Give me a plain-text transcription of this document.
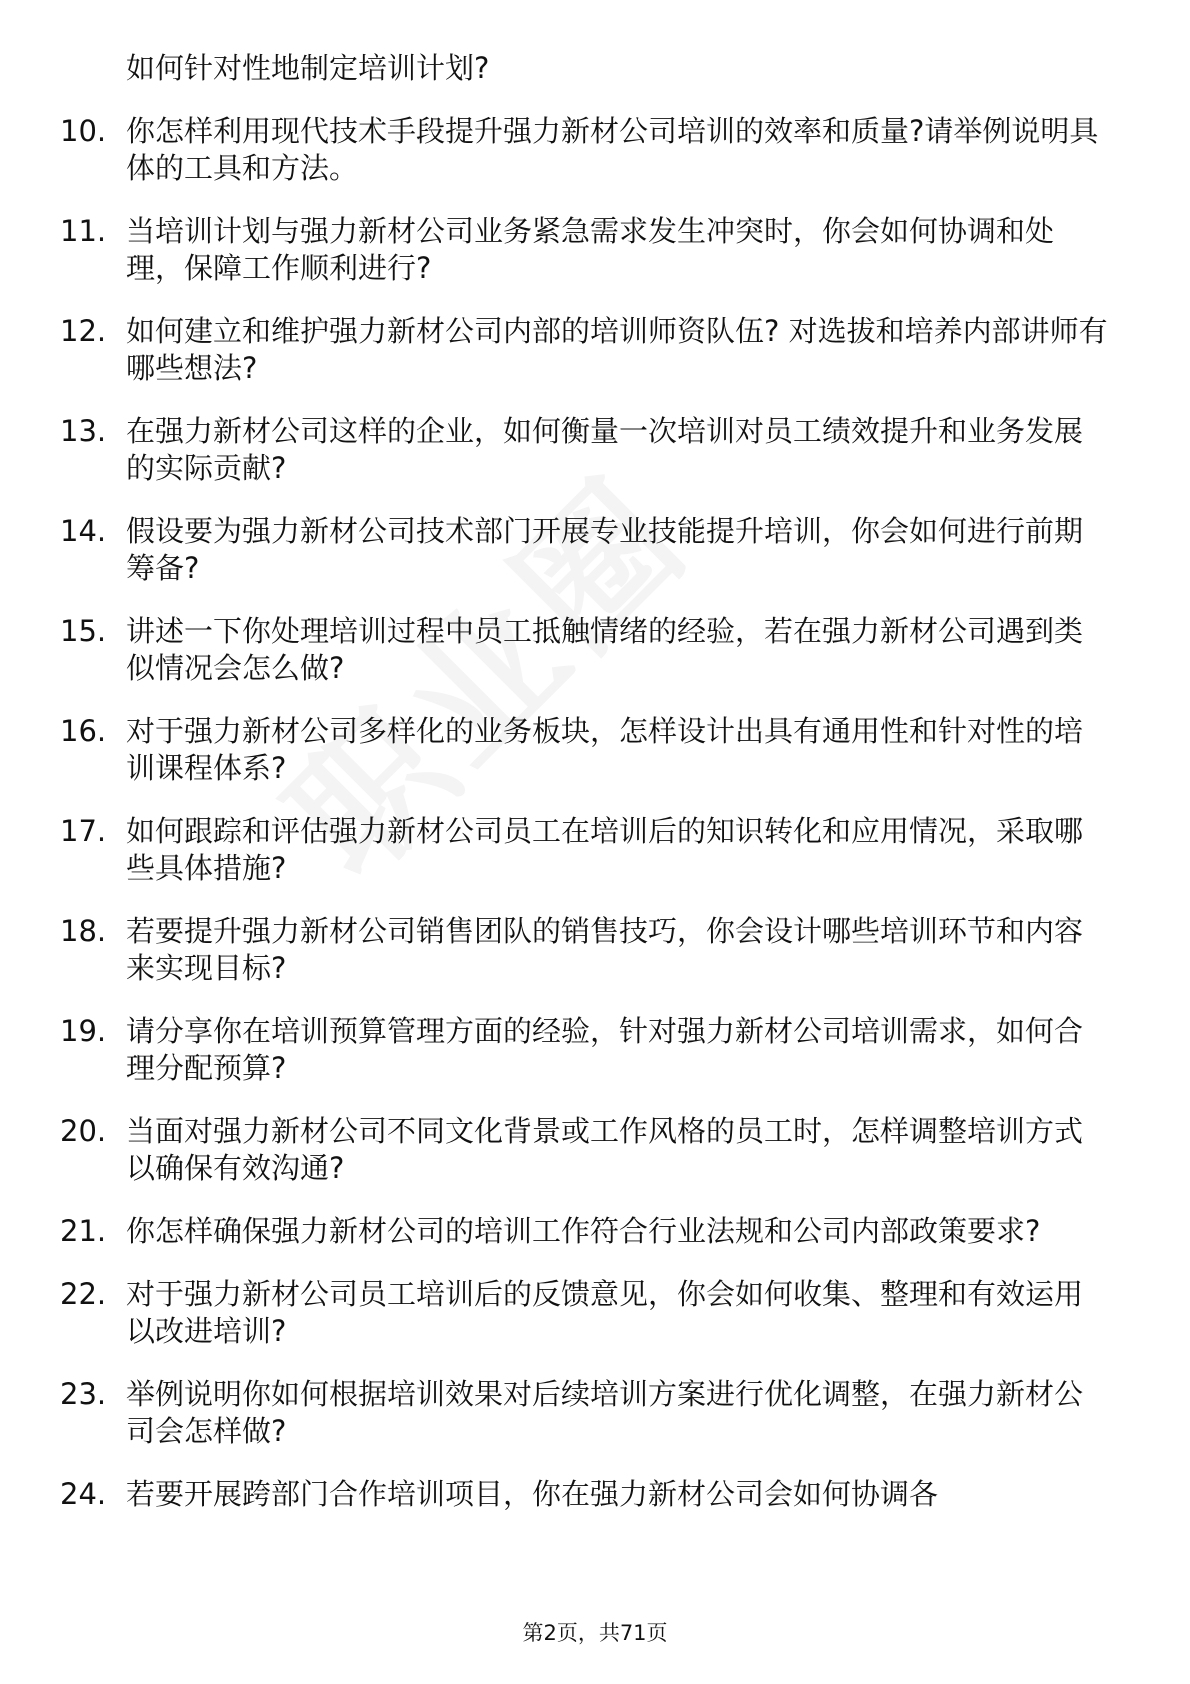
如何针对性地制定培训计划?
10. 你怎样利用现代技术手段提升强力新材公司培训的效率和质量?请举例说明具体的工具和方法。
11. 当培训计划与强力新材公司业务紧急需求发生冲突时，你会如何协调和处理，保障工作顺利进行?
12. 如何建立和维护强力新材公司内部的培训师资队伍? 对选拔和培养内部讲师有哪些想法?
13. 在强力新材公司这样的企业，如何衡量一次培训对员工绩效提升和业务发展的实际贡献?
14. 假设要为强力新材公司技术部门开展专业技能提升培训，你会如何进行前期筹备?
15. 讲述一下你处理培训过程中员工抵触情绪的经验，若在强力新材公司遇到类似情况会怎么做?
16. 对于强力新材公司多样化的业务板块，怎样设计出具有通用性和针对性的培训课程体系?
17. 如何跟踪和评估强力新材公司员工在培训后的知识转化和应用情况，采取哪些具体措施?
18. 若要提升强力新材公司销售团队的销售技巧，你会设计哪些培训环节和内容来实现目标?
19. 请分享你在培训预算管理方面的经验，针对强力新材公司培训需求，如何合理分配预算?
20. 当面对强力新材公司不同文化背景或工作风格的员工时，怎样调整培训方式以确保有效沟通?
21. 你怎样确保强力新材公司的培训工作符合行业法规和公司内部政策要求?
22. 对于强力新材公司员工培训后的反馈意见，你会如何收集、整理和有效运用以改进培训?
23. 举例说明你如何根据培训效果对后续培训方案进行优化调整，在强力新材公司会怎样做?
24. 若要开展跨部门合作培训项目，你在强力新材公司会如何协调各
第2页，共71页
